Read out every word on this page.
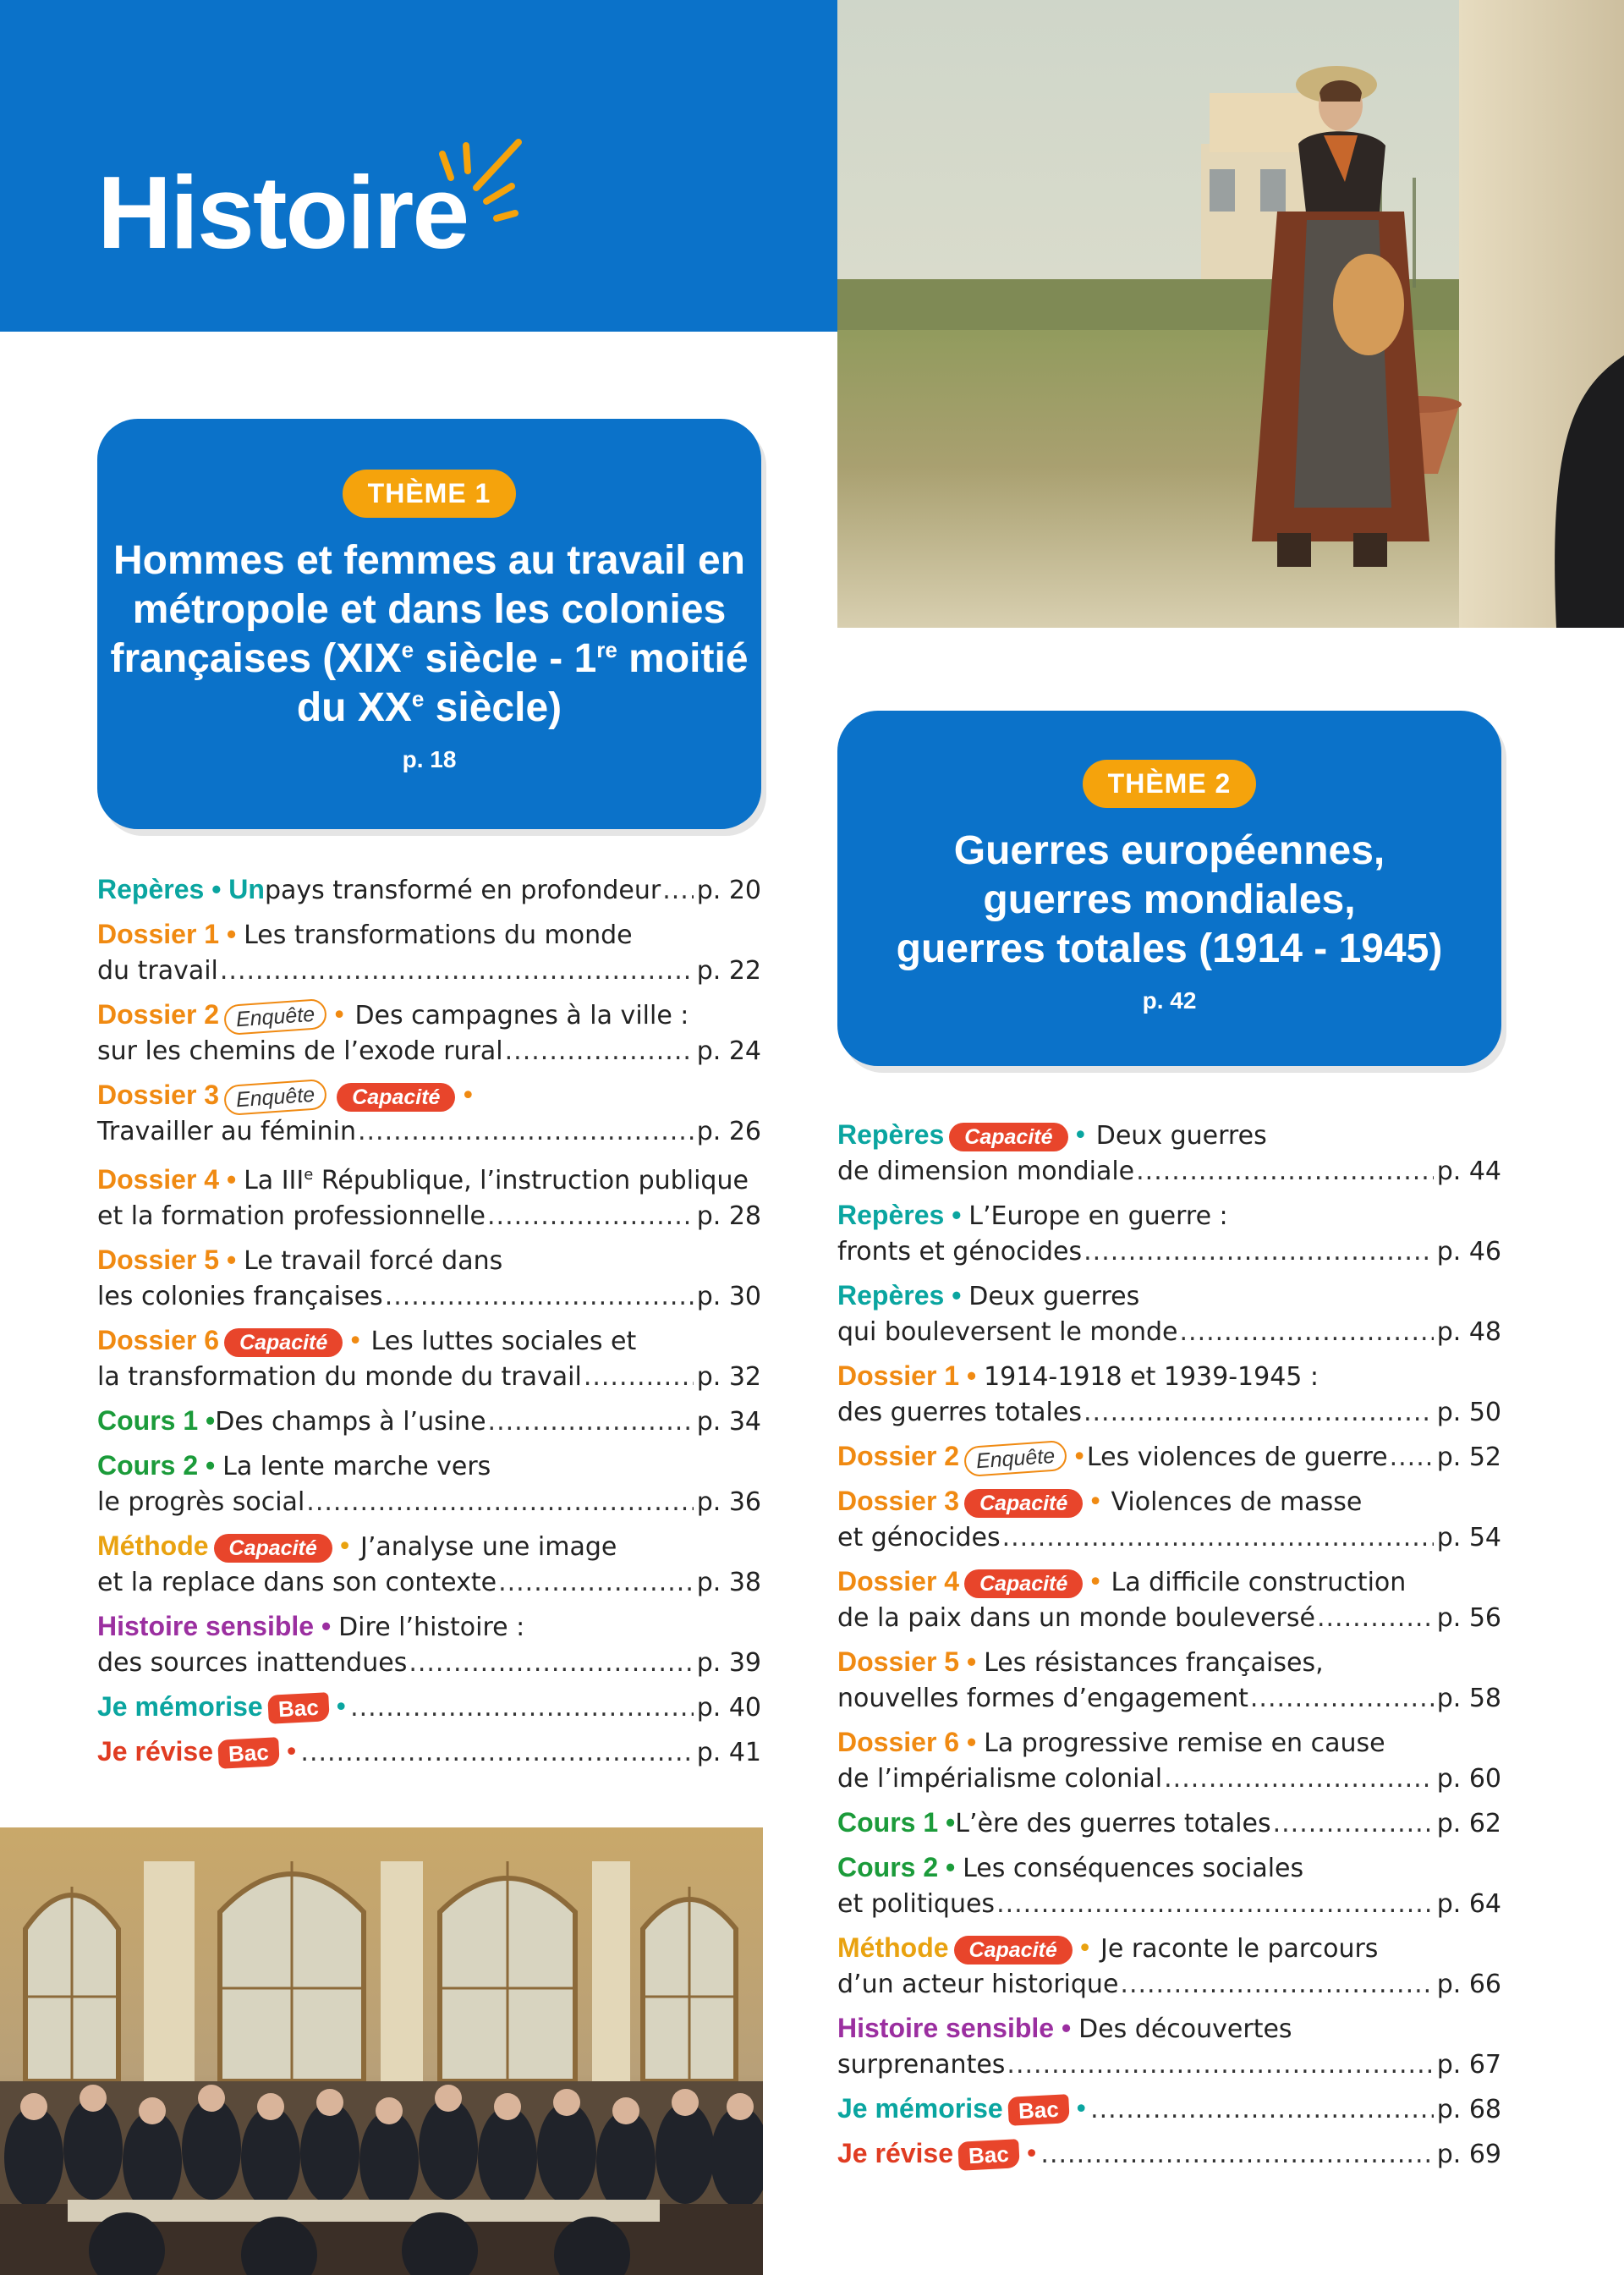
Histoire
THÈME 1
Hommes et femmes au travail en
métropole et dans les colonies
françaises (XIXe siècle - 1re moitié
du XXe siècle)
p. 18
THÈME 2
Guerres européennes,
guerres mondiales,
guerres totales (1914 - 1945)
p. 42
Repères • Un pays transformé en profondeur ..... p. 20
Dossier 1 • Les transformations du monde
du travail .....	p. 22
Dossier 2 Enquête • Des campagnes à la ville :
sur les chemins de l’exode rural .....	p. 24
Dossier 3 Enquête Capacité •
Travailler au féminin .....	p. 26
Dossier 4 • La IIIe République, l’instruction publique
et la formation professionnelle .....	p. 28
Dossier 5 • Le travail forcé dans
les colonies françaises .....	p. 30
Dossier 6 Capacité • Les luttes sociales et
la transformation du monde du travail .....	p. 32
Cours 1 • Des champs à l’usine .....	p. 34
Cours 2 • La lente marche vers
le progrès social .....	p. 36
Méthode Capacité • J’analyse une image
et la replace dans son contexte .....	p. 38
Histoire sensible • Dire l’histoire :
des sources inattendues .....	p. 39
Je mémorise Bac • .....	p. 40
Je révise Bac • .....	p. 41
Repères Capacité • Deux guerres
de dimension mondiale .....	p. 44
Repères • L’Europe en guerre :
fronts et génocides .....	p. 46
Repères • Deux guerres
qui bouleversent le monde .....	p. 48
Dossier 1 • 1914-1918 et 1939-1945 :
des guerres totales .....	p. 50
Dossier 2 Enquête • Les violences de guerre ..... p. 52
Dossier 3 Capacité • Violences de masse
et génocides .....	p. 54
Dossier 4 Capacité • La difficile construction
de la paix dans un monde bouleversé .....	p. 56
Dossier 5 • Les résistances françaises,
nouvelles formes d’engagement .....	p. 58
Dossier 6 • La progressive remise en cause
de l’impérialisme colonial .....	p. 60
Cours 1 • L’ère des guerres totales .....	p. 62
Cours 2 • Les conséquences sociales
et politiques .....	p. 64
Méthode Capacité • Je raconte le parcours
d’un acteur historique .....	p. 66
Histoire sensible • Des découvertes
surprenantes .....	p. 67
Je mémorise Bac • .....	p. 68
Je révise Bac • .....	p. 69
